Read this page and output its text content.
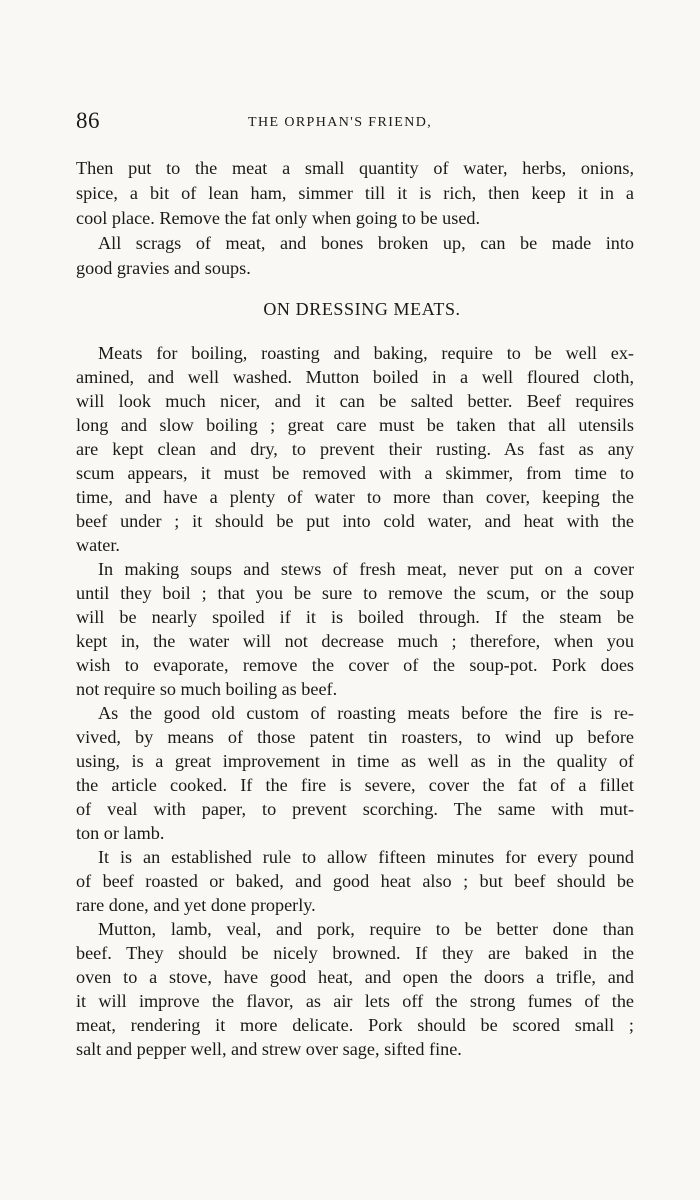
86	THE ORPHAN'S FRIEND,
Then put to the meat a small quantity of water, herbs, onions,
spice, a bit of lean ham, simmer till it is rich, then keep it in a
cool place. Remove the fat only when going to be used.
All scrags of meat, and bones broken up, can be made into
good gravies and soups.
ON DRESSING MEATS.
Meats for boiling, roasting and baking, require to be well ex-
amined, and well washed. Mutton boiled in a well floured cloth,
will look much nicer, and it can be salted better. Beef requires
long and slow boiling ; great care must be taken that all utensils
are kept clean and dry, to prevent their rusting. As fast as any
scum appears, it must be removed with a skimmer, from time to
time, and have a plenty of water to more than cover, keeping the
beef under ; it should be put into cold water, and heat with the
water.
In making soups and stews of fresh meat, never put on a cover
until they boil ; that you be sure to remove the scum, or the soup
will be nearly spoiled if it is boiled through. If the steam be
kept in, the water will not decrease much ; therefore, when you
wish to evaporate, remove the cover of the soup-pot. Pork does
not require so much boiling as beef.
As the good old custom of roasting meats before the fire is re-
vived, by means of those patent tin roasters, to wind up before
using, is a great improvement in time as well as in the quality of
the article cooked. If the fire is severe, cover the fat of a fillet
of veal with paper, to prevent scorching. The same with mut-
ton or lamb.
It is an established rule to allow fifteen minutes for every pound
of beef roasted or baked, and good heat also ; but beef should be
rare done, and yet done properly.
Mutton, lamb, veal, and pork, require to be better done than
beef. They should be nicely browned. If they are baked in the
oven to a stove, have good heat, and open the doors a trifle, and
it will improve the flavor, as air lets off the strong fumes of the
meat, rendering it more delicate. Pork should be scored small ;
salt and pepper well, and strew over sage, sifted fine.
